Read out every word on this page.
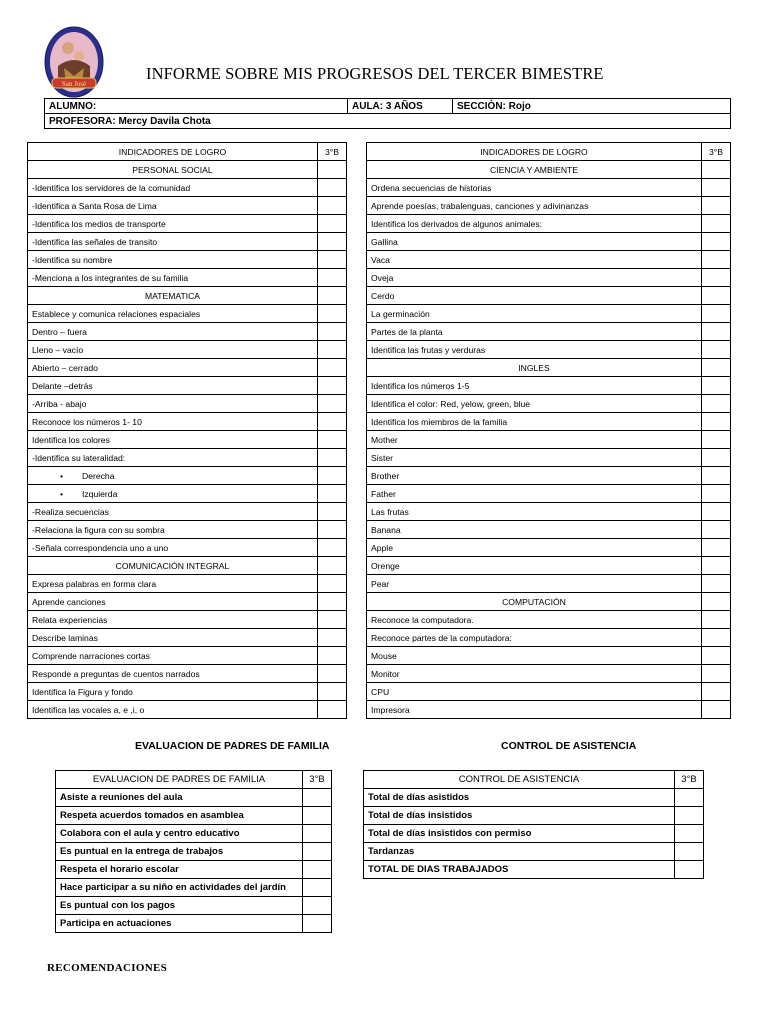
San José
INFORME SOBRE MIS PROGRESOS DEL TERCER BIMESTRE
ALUMNO:	AULA: 3 AÑOS	SECCIÒN: Rojo
PROFESORA: Mercy Davila Chota
INDICADORES DE LOGRO	3°B
PERSONAL SOCIAL	
-Identifica los servidores de la comunidad	
-Identifica a Santa Rosa de Lima	
-Identifica los medios de transporte	
-Identifica las señales de transito	
-Identifica su nombre	
-Menciona a los integrantes de su familia	
MATEMATICA	
Establece y comunica relaciones espaciales	
Dentro – fuera	
Lleno – vacío	
Abierto – cerrado	
Delante –detrás	
-Arriba - abajo	
Reconoce los números 1- 10	
Identifica los colores	
-Identifica su lateralidad:	
• Derecha	
• Izquierda	
-Realiza secuencias	
-Relaciona la figura con su sombra	
-Señala correspondencia uno a uno	
COMUNICACIÓN INTEGRAL	
Expresa palabras en forma clara	
Aprende canciones	
Relata experiencias	
Describe laminas	
Comprende narraciones cortas	
Responde a preguntas de cuentos narrados	
Identifica la Figura y fondo	
Identifica las vocales a, e ,i, o	
INDICADORES DE LOGRO	3°B
CIENCIA Y AMBIENTE	
Ordena secuencias de historias	
Aprende poesías, trabalenguas, canciones y adivinanzas	
Identifica los derivados de algunos animales:	
Gallina	
Vaca	
Oveja	
Cerdo	
La germinación	
Partes de la planta	
Identifica las frutas y verduras	
INGLES	
Identifica los números 1-5	
Identifica el color: Red, yelow, green, blue	
Identifica los miembros de la familia	
Mother	
Sister	
Brother	
Father	
Las frutas	
Banana	
Apple	
Orenge	
Pear	
COMPUTACIÓN	
Reconoce la computadora.	
Reconoce partes de la computadora:	
Mouse	
Monitor	
CPU	
Impresora	
EVALUACION DE PADRES DE FAMILIA	CONTROL DE ASISTENCIA
EVALUACION DE PADRES DE FAMILIA	3°B
Asiste a reuniones del aula	
Respeta acuerdos tomados en asamblea	
Colabora con el aula y centro educativo	
Es puntual en la entrega de trabajos	
Respeta el horario escolar	
Hace participar a su niño en actividades del jardín	
Es puntual con los pagos	
Participa en actuaciones	
CONTROL DE ASISTENCIA	3°B
Total de días asistidos	
Total de días insistidos	
Total de días insistidos con permiso	
Tardanzas	
TOTAL DE DIAS TRABAJADOS	
RECOMENDACIONES
